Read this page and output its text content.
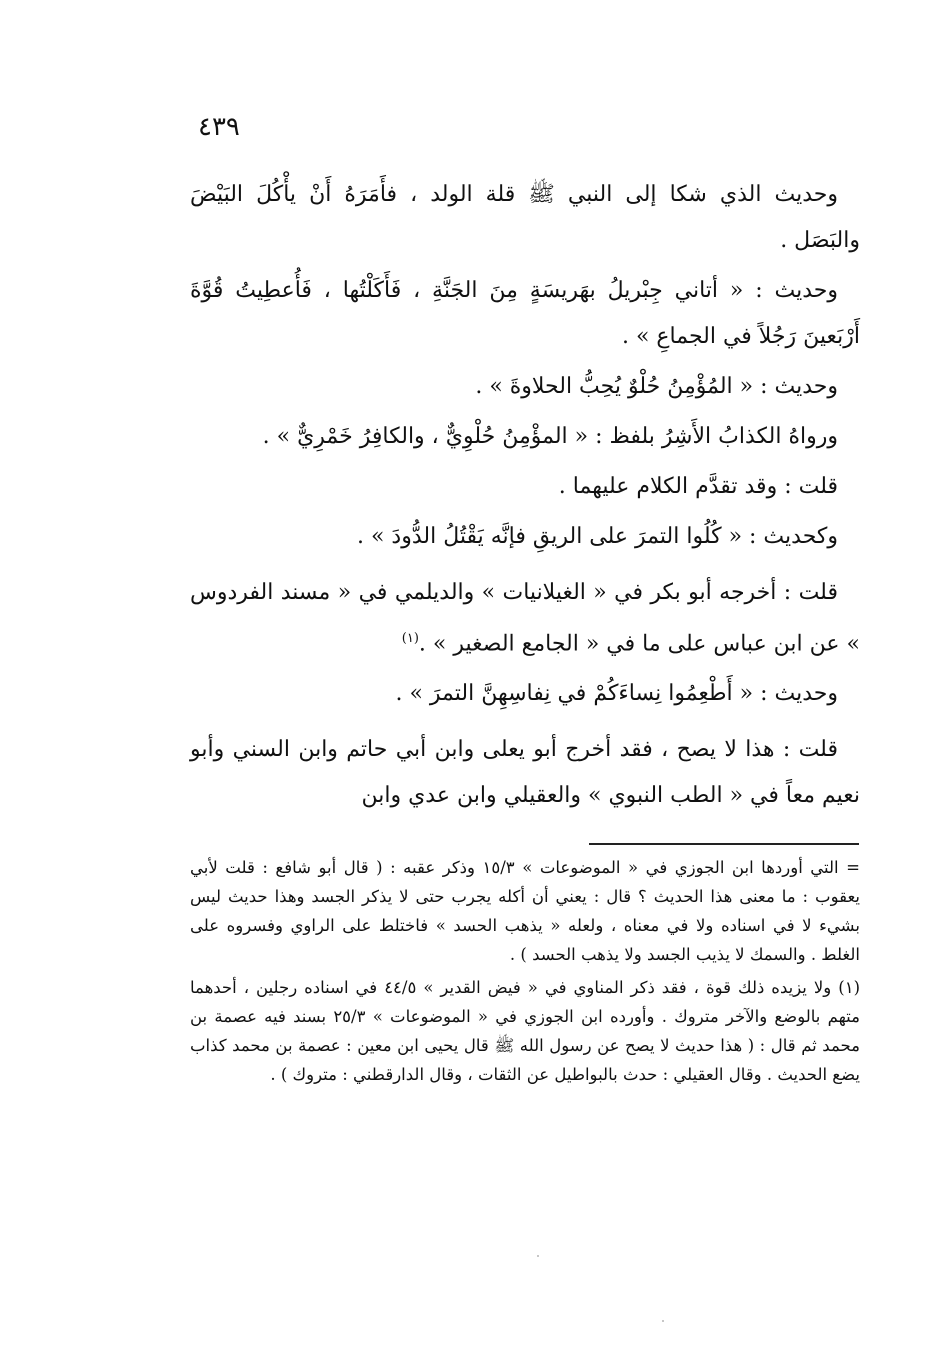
٤٣٩

وحديث الذي شكا إلى النبي ﷺ قلة الولد ، فأَمَرَهُ أَنْ يأْكُلَ البَيْضَ والبَصَل .

وحديث : « أتاني جِبْريلُ بهَريسَةٍ مِنَ الجَنَّةِ ، فَأَكَلْتُها ، فَأُعطِيتُ قُوَّةَ أَرْبَعينَ رَجُلاً في الجماعِ » .

وحديث : « المُؤْمِنُ حُلْوٌ يُحِبُّ الحلاوةَ » .

ورواهُ الكذابُ الأَشِرُ بلفظ : « المؤْمِنُ حُلْوِيٌّ ، والكافِرُ خَمْرِيٌّ » .

قلت : وقد تقدَّم الكلام عليهما .

وكحديث : « كُلُوا التمرَ على الريقِ فإنَّه يَقْتُلُ الدُّودَ » .

قلت : أخرجه أبو بكر في « الغيلانيات » والديلمي في « مسند الفردوس » عن ابن عباس على ما في « الجامع الصغير » .$^{(١)}$

وحديث : « أَطْعِمُوا نِساءَكُمْ في نِفاسِهِنَّ التمرَ » .

قلت : هذا لا يصح ، فقد أخرج أبو يعلى وابن أبي حاتم وابن السني وأبو نعيم معاً في « الطب النبوي » والعقيلي وابن عدي وابن

= التي أوردها ابن الجوزي في « الموضوعات » ١٥/٣ وذكر عقبه : ( قال أبو شافع : قلت لأبي يعقوب : ما معنى هذا الحديث ؟ قال : يعني أن أكله يجرب حتى لا يذكر الجسد وهذا حديث ليس بشيء لا في اسناده ولا في معناه ، ولعله « يذهب الحسد » فاختلط على الراوي وفسروه على الغلط . والسمك لا يذيب الجسد ولا يذهب الحسد ) .

(١) ولا يزيده ذلك قوة ، فقد ذكر المناوي في « فيض القدير » ٤٤/٥ في اسناده رجلين ، أحدهما متهم بالوضع والآخر متروك . وأورده ابن الجوزي في « الموضوعات » ٢٥/٣ بسند فيه عصمة بن محمد ثم قال : ( هذا حديث لا يصح عن رسول الله ﷺ قال يحيى ابن معين : عصمة بن محمد كذاب يضع الحديث . وقال العقيلي : حدث بالبواطيل عن الثقات ، وقال الدارقطني : متروك ) .
